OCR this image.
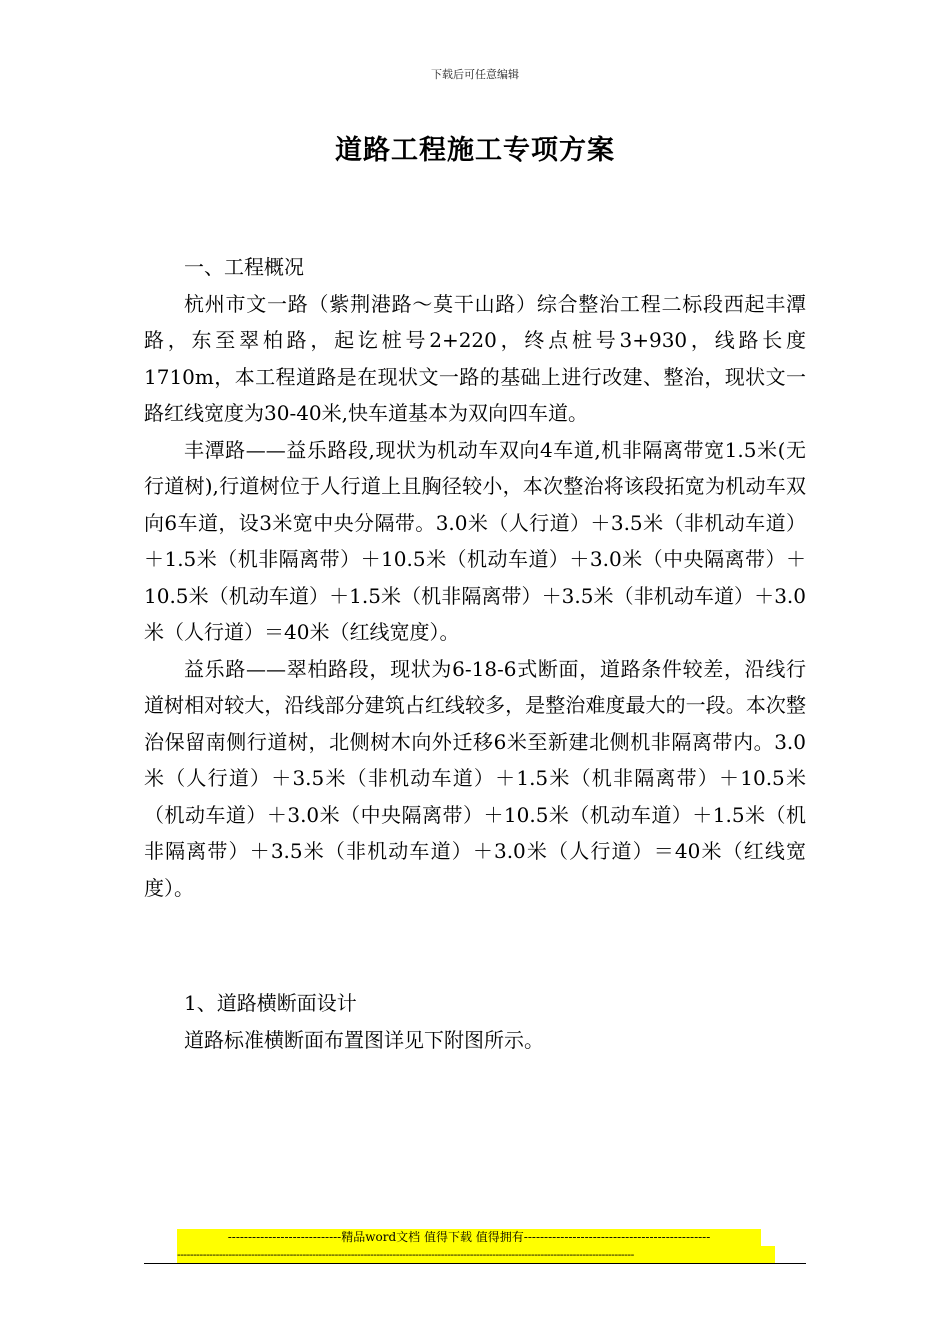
下载后可任意编辑
道路工程施工专项方案

一、工程概况

杭州市文一路（紫荆港路～莫干山路）综合整治工程二标段西起丰潭路，东至翠柏路，起讫桩号2+220，终点桩号3+930，线路长度1710m，本工程道路是在现状文一路的基础上进行改建、整治，现状文一路红线宽度为30-40米,快车道基本为双向四车道。

丰潭路——益乐路段,现状为机动车双向4车道,机非隔离带宽1.5米(无行道树),行道树位于人行道上且胸径较小，本次整治将该段拓宽为机动车双向6车道，设3米宽中央分隔带。3.0米（人行道）＋3.5米（非机动车道）＋1.5米（机非隔离带）＋10.5米（机动车道）＋3.0米（中央隔离带）＋10.5米（机动车道）＋1.5米（机非隔离带）＋3.5米（非机动车道）＋3.0米（人行道）＝40米（红线宽度）。

益乐路——翠柏路段，现状为6-18-6式断面，道路条件较差，沿线行道树相对较大，沿线部分建筑占红线较多，是整治难度最大的一段。本次整治保留南侧行道树，北侧树木向外迁移6米至新建北侧机非隔离带内。3.0米（人行道）＋3.5米（非机动车道）＋1.5米（机非隔离带）＋10.5米（机动车道）＋3.0米（中央隔离带）＋10.5米（机动车道）＋1.5米（机非隔离带）＋3.5米（非机动车道）＋3.0米（人行道）＝40米（红线宽度）。

1、道路横断面设计

道路标准横断面布置图详见下附图所示。

----------------------------精品word文档 值得下载 值得拥有----------------------------------------------
----------------------------------------------------------------------------------------------------------------------------------------------
